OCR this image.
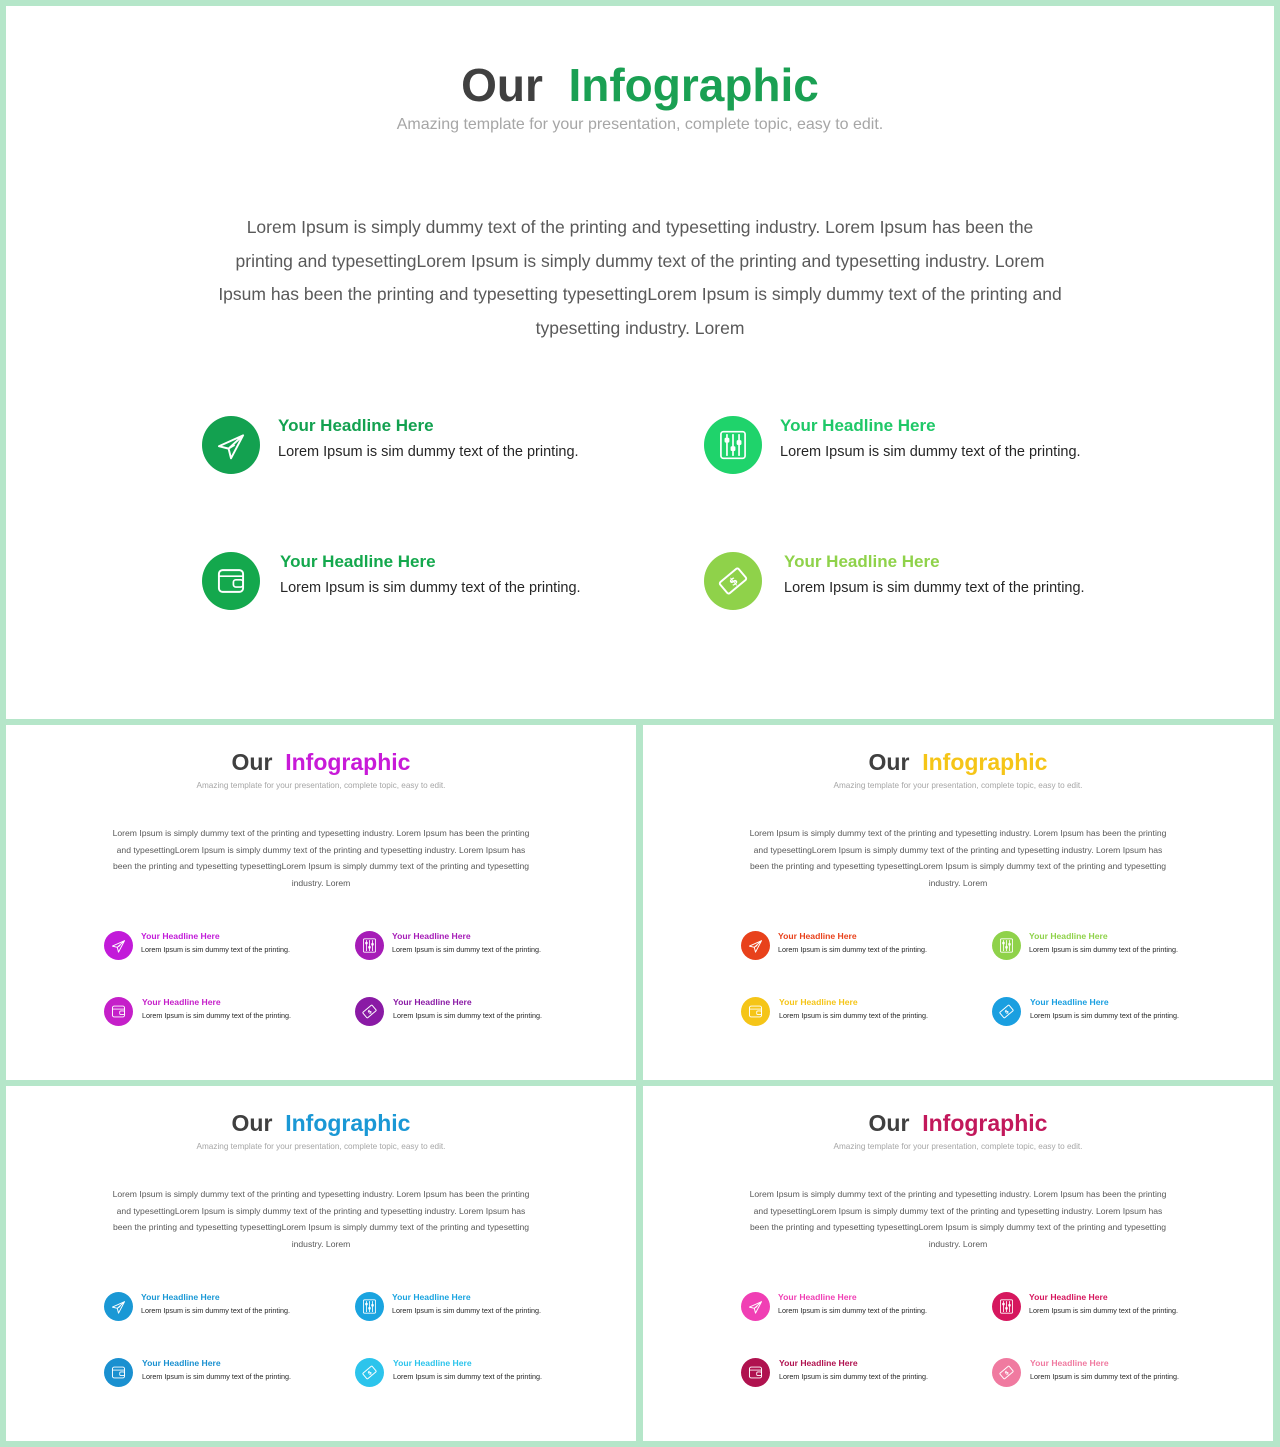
Our Infographic
Amazing template for your presentation, complete topic, easy to edit.
Lorem Ipsum is simply dummy text of the printing and typesetting industry. Lorem Ipsum has been the printing and typesettingLorem Ipsum is simply dummy text of the printing and typesetting industry. Lorem Ipsum has been the printing and typesetting typesettingLorem Ipsum is simply dummy text of the printing and typesetting industry. Lorem
Your Headline Here
Lorem Ipsum is sim dummy text of the printing.
Your Headline Here
Lorem Ipsum is sim dummy text of the printing.
Your Headline Here
Lorem Ipsum is sim dummy text of the printing.	$
Your Headline Here
Lorem Ipsum is sim dummy text of the printing.
Our Infographic
Amazing template for your presentation, complete topic, easy to edit.
Lorem Ipsum is simply dummy text of the printing and typesetting industry. Lorem Ipsum has been the printing and typesettingLorem Ipsum is simply dummy text of the printing and typesetting industry. Lorem Ipsum has been the printing and typesetting typesettingLorem Ipsum is simply dummy text of the printing and typesetting industry. Lorem
Your Headline Here
Lorem Ipsum is sim dummy text of the printing.
Your Headline Here
Lorem Ipsum is sim dummy text of the printing.
Your Headline Here
Lorem Ipsum is sim dummy text of the printing.	$
Your Headline Here
Lorem Ipsum is sim dummy text of the printing.
Our Infographic
Amazing template for your presentation, complete topic, easy to edit.
Lorem Ipsum is simply dummy text of the printing and typesetting industry. Lorem Ipsum has been the printing and typesettingLorem Ipsum is simply dummy text of the printing and typesetting industry. Lorem Ipsum has been the printing and typesetting typesettingLorem Ipsum is simply dummy text of the printing and typesetting industry. Lorem
Your Headline Here
Lorem Ipsum is sim dummy text of the printing.
Your Headline Here
Lorem Ipsum is sim dummy text of the printing.
Your Headline Here
Lorem Ipsum is sim dummy text of the printing.	$
Your Headline Here
Lorem Ipsum is sim dummy text of the printing.
Our Infographic
Amazing template for your presentation, complete topic, easy to edit.
Lorem Ipsum is simply dummy text of the printing and typesetting industry. Lorem Ipsum has been the printing and typesettingLorem Ipsum is simply dummy text of the printing and typesetting industry. Lorem Ipsum has been the printing and typesetting typesettingLorem Ipsum is simply dummy text of the printing and typesetting industry. Lorem
Your Headline Here
Lorem Ipsum is sim dummy text of the printing.
Your Headline Here
Lorem Ipsum is sim dummy text of the printing.
Your Headline Here
Lorem Ipsum is sim dummy text of the printing.	$
Your Headline Here
Lorem Ipsum is sim dummy text of the printing.
Our Infographic
Amazing template for your presentation, complete topic, easy to edit.
Lorem Ipsum is simply dummy text of the printing and typesetting industry. Lorem Ipsum has been the printing and typesettingLorem Ipsum is simply dummy text of the printing and typesetting industry. Lorem Ipsum has been the printing and typesetting typesettingLorem Ipsum is simply dummy text of the printing and typesetting industry. Lorem
Your Headline Here
Lorem Ipsum is sim dummy text of the printing.
Your Headline Here
Lorem Ipsum is sim dummy text of the printing.
Your Headline Here
Lorem Ipsum is sim dummy text of the printing.	$
Your Headline Here
Lorem Ipsum is sim dummy text of the printing.
